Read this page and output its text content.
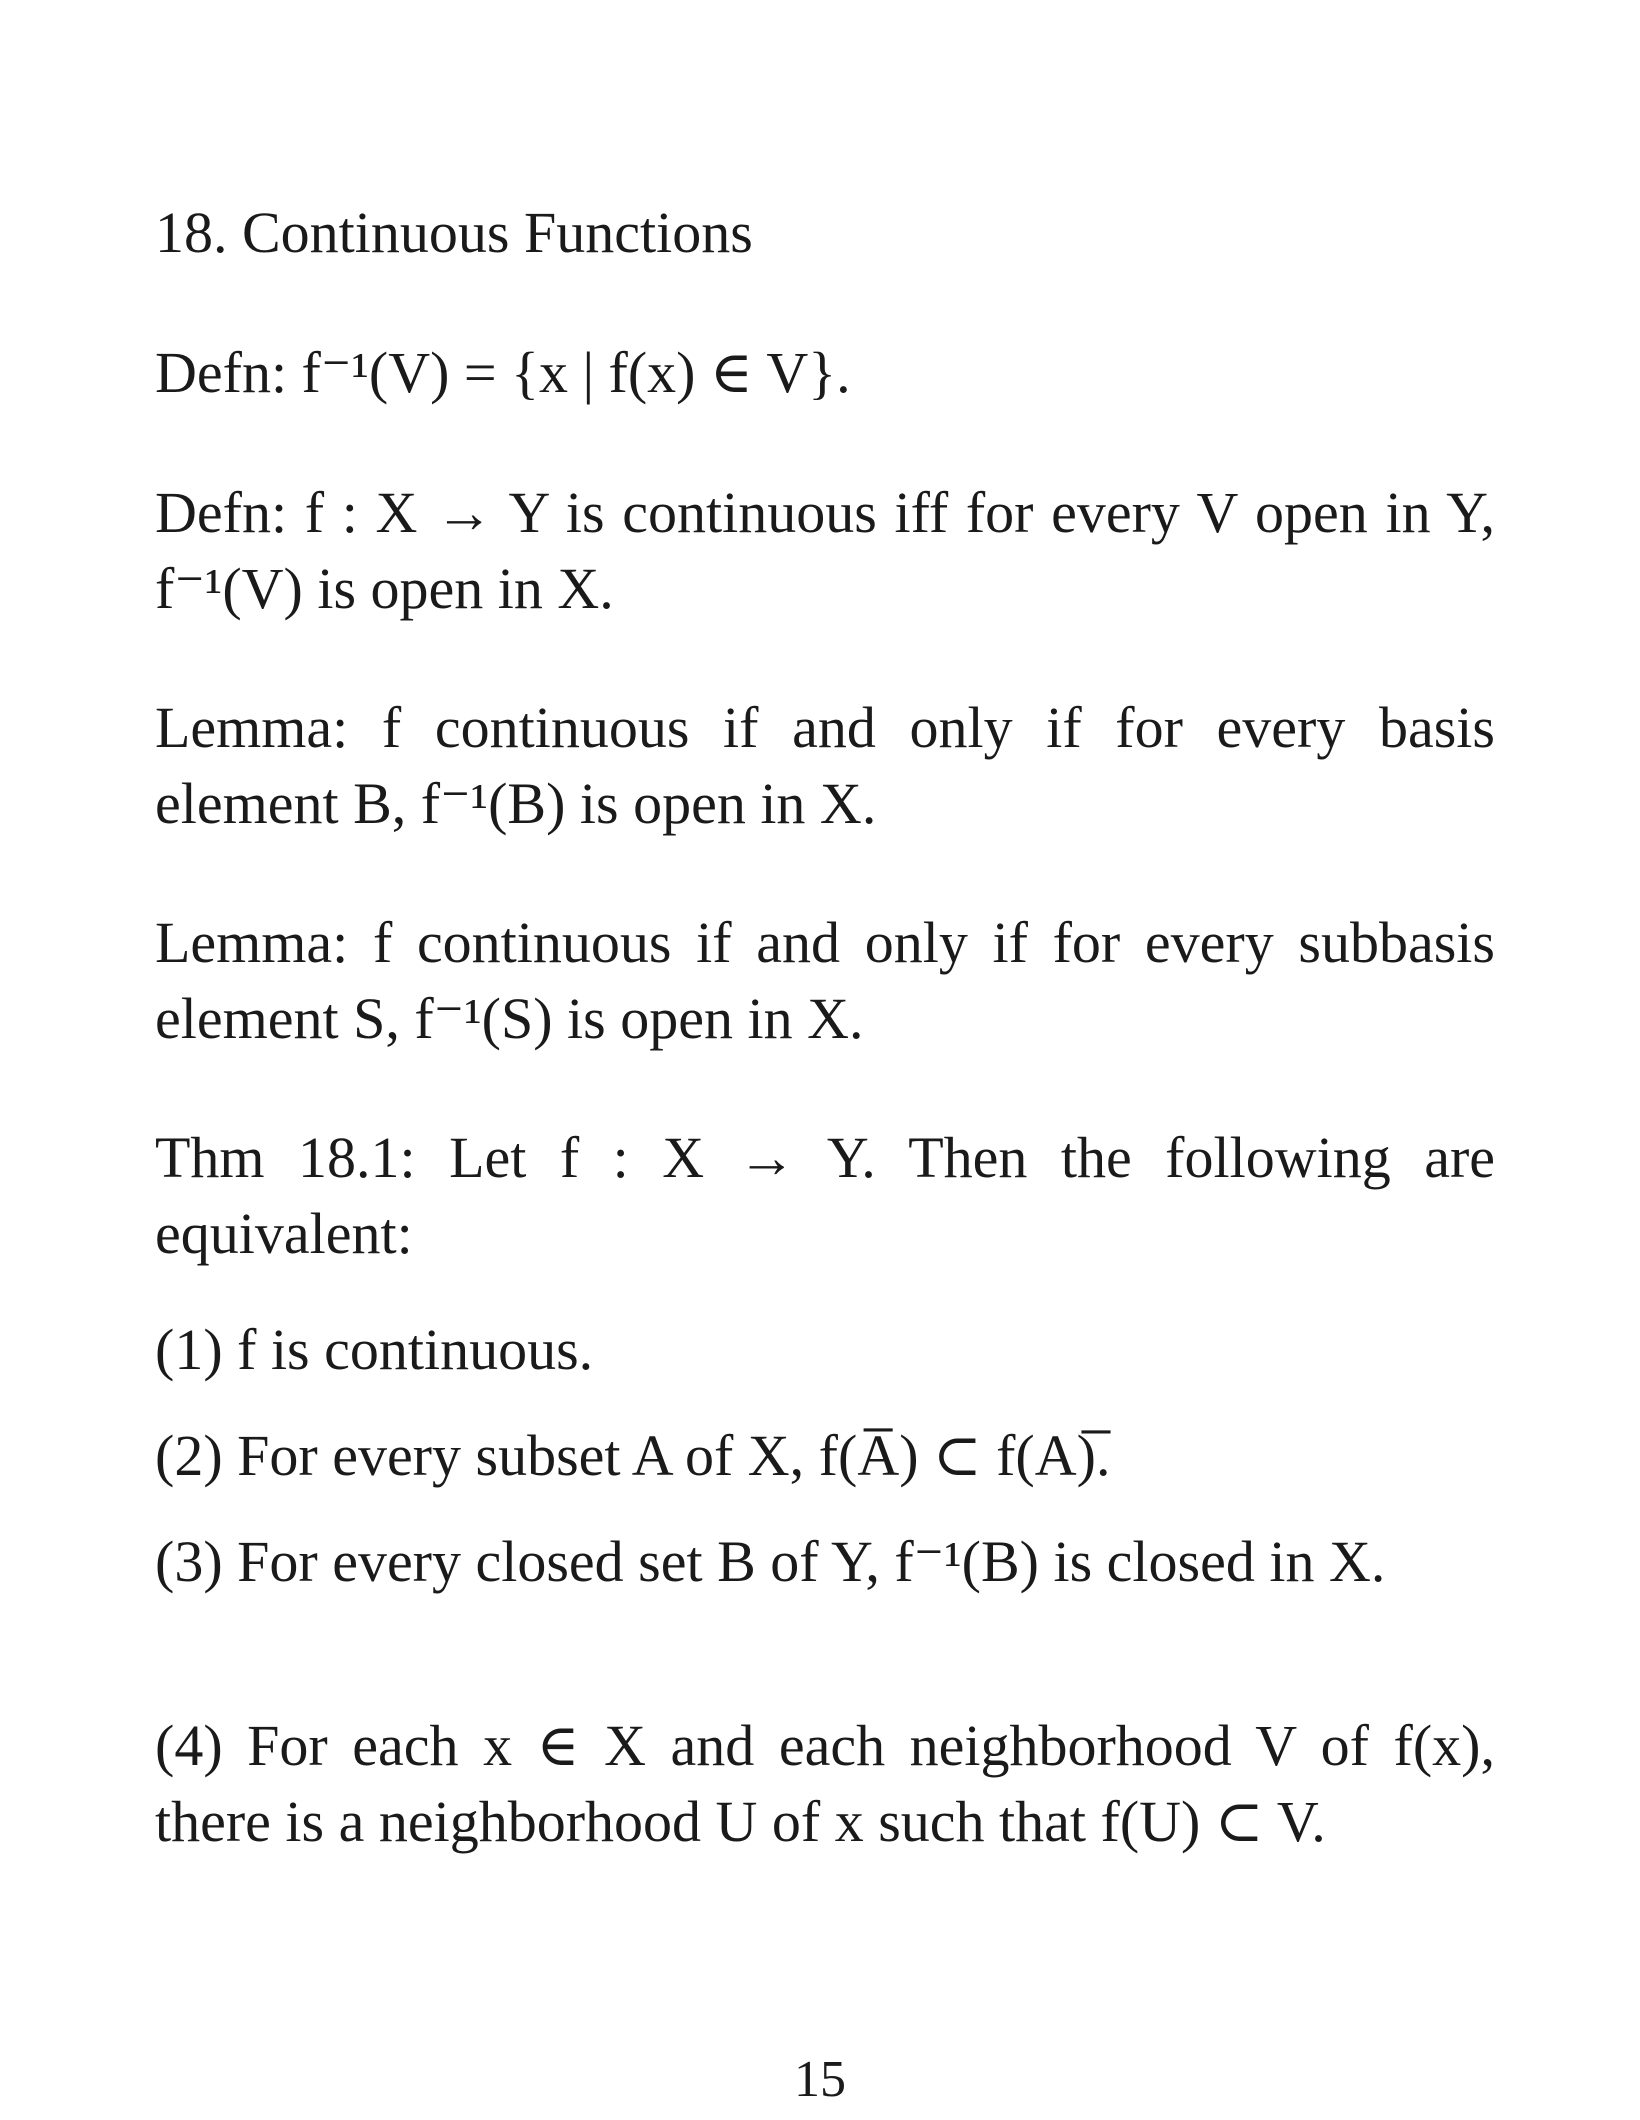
18. Continuous Functions
Defn: f⁻¹(V) = {x | f(x) ∈ V}.
Defn: f : X → Y is continuous iff for every V open in Y, f⁻¹(V) is open in X.
Lemma: f continuous if and only if for every basis element B, f⁻¹(B) is open in X.
Lemma: f continuous if and only if for every subbasis element S, f⁻¹(S) is open in X.
Thm 18.1: Let f : X → Y. Then the following are equivalent:
(1) f is continuous.
(2) For every subset A of X, f(A̅) ⊂ f(A)̅.
(3) For every closed set B of Y, f⁻¹(B) is closed in X.
(4) For each x ∈ X and each neighborhood V of f(x), there is a neighborhood U of x such that f(U) ⊂ V.
15
